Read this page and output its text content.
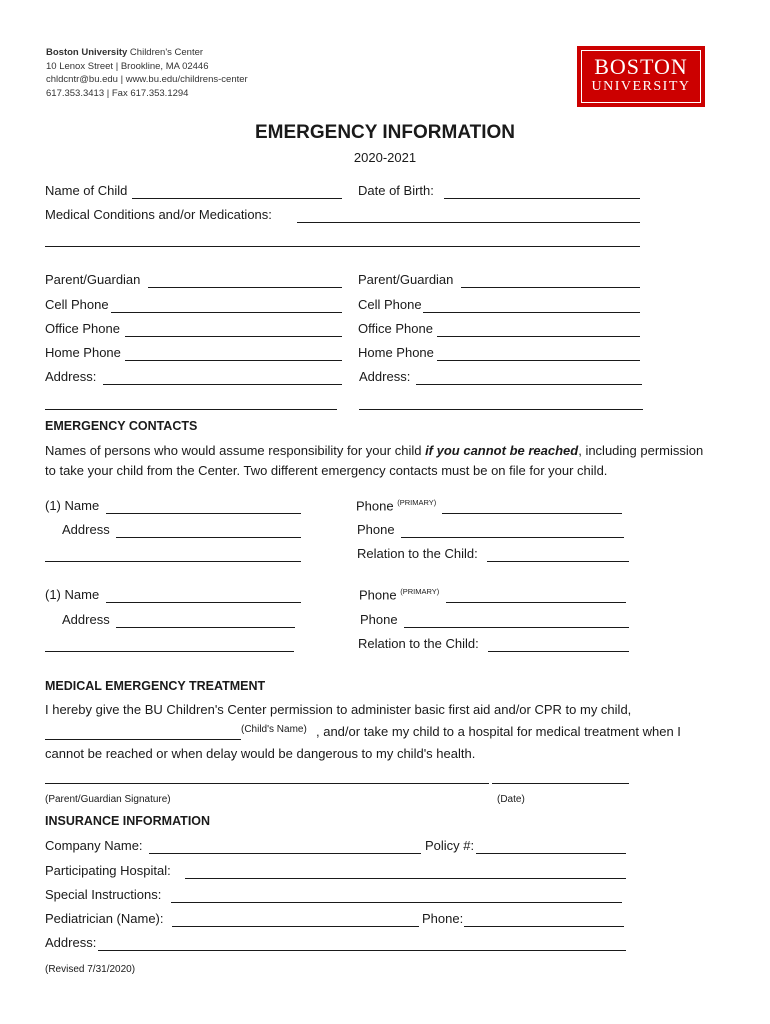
Boston University Children's Center
10 Lenox Street | Brookline, MA 02446
chldcntr@bu.edu | www.bu.edu/childrens-center
617.353.3413 | Fax 617.353.1294
BOSTON
UNIVERSITY
EMERGENCY INFORMATION
2020-2021
Name of Child	Date of Birth:
Medical Conditions and/or Medications:
Parent/Guardian
Cell Phone
Office Phone
Home Phone
Address:
Parent/Guardian
Cell Phone
Office Phone
Home Phone
Address:
EMERGENCY CONTACTS
Names of persons who would assume responsibility for your child if you cannot be reached, including permission
to take your child from the Center. Two different emergency contacts must be on file for your child.
(1) Name
Address
Phone $^{(PRIMARY)}$
Phone
Relation to the Child:
(1) Name
Address
Phone $^{(PRIMARY)}$
Phone
Relation to the Child:
MEDICAL EMERGENCY TREATMENT
I hereby give the BU Children's Center permission to administer basic first aid and/or CPR to my child,
(Child's Name) , and/or take my child to a hospital for medical treatment when I
cannot be reached or when delay would be dangerous to my child's health.
(Parent/Guardian Signature)	(Date)
INSURANCE INFORMATION
Company Name:	Policy #:
Participating Hospital:
Special Instructions:
Pediatrician (Name):	Phone:
Address:
(Revised 7/31/2020)
